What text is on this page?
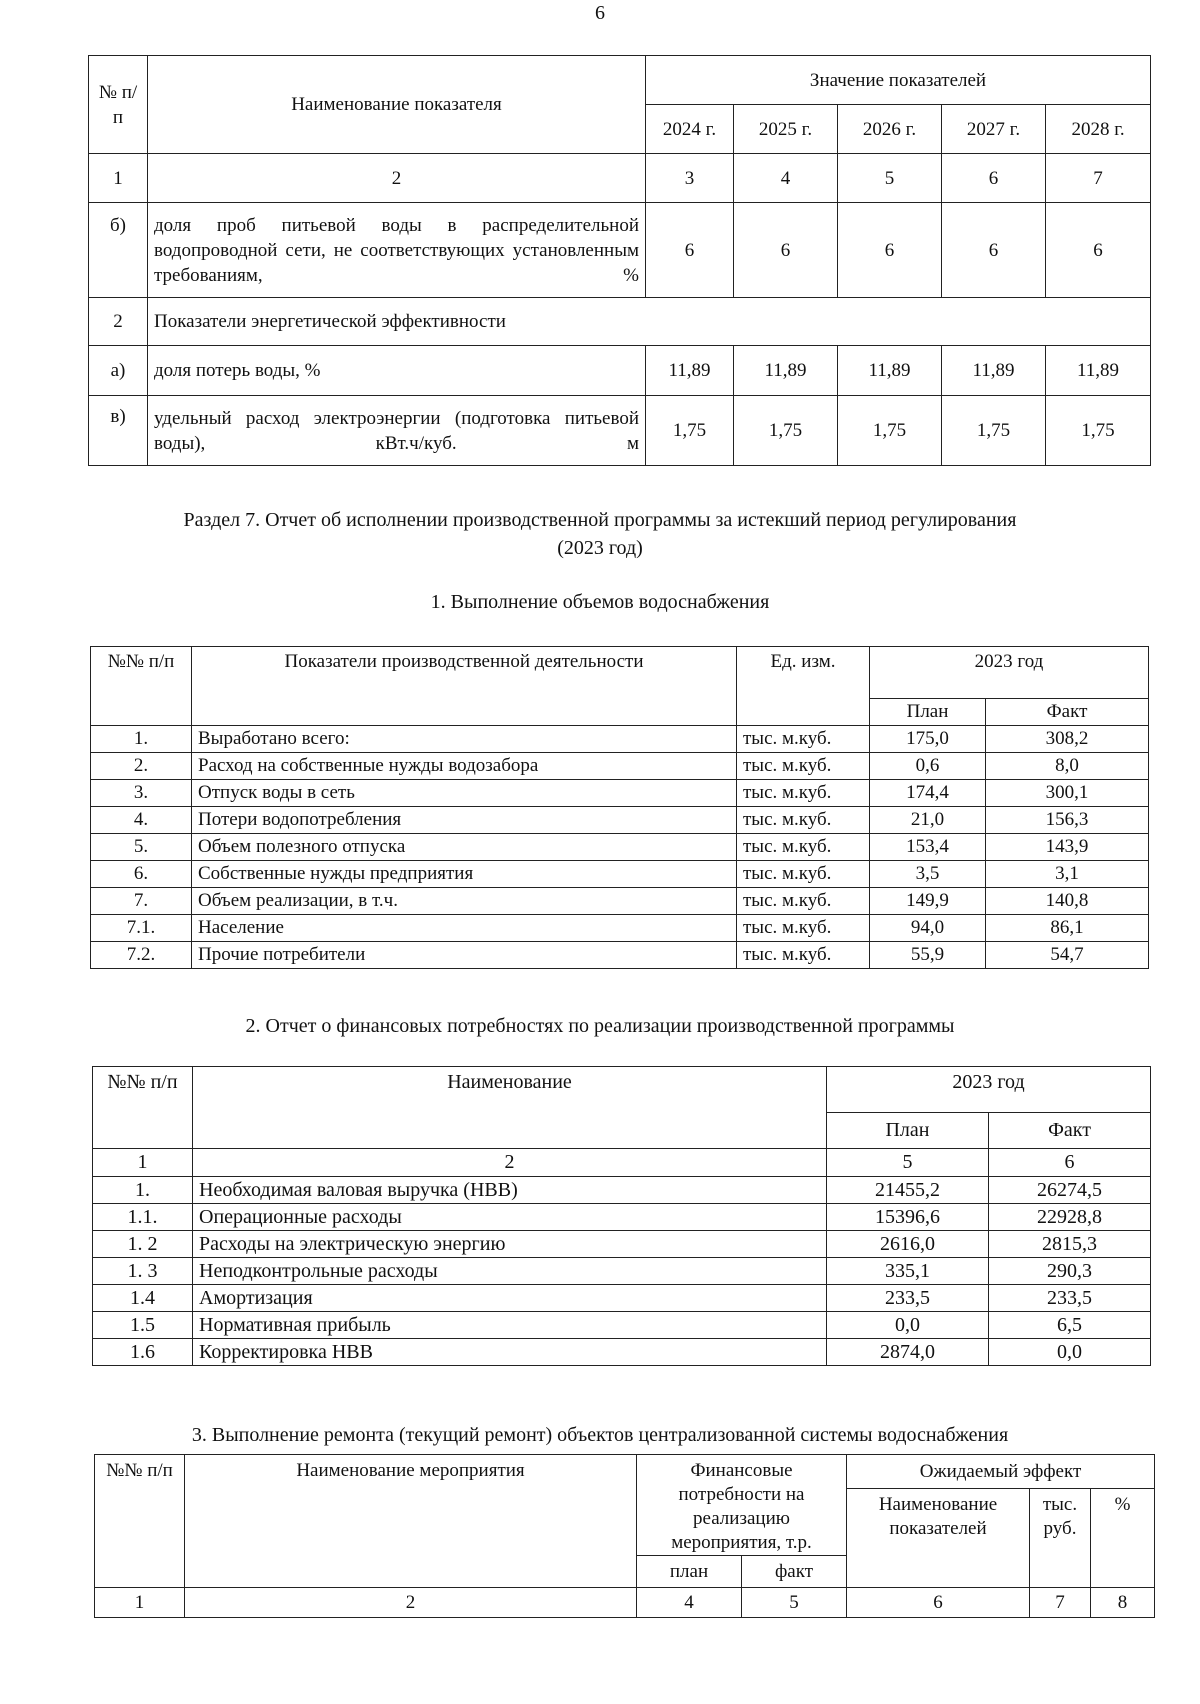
6
№ п/п	Наименование показателя	Значение показателей				
		2024 г.	2025 г.	2026 г.	2027 г.	2028 г.
1	2	3	4	5	6	7
б)	доля проб питьевой воды в распределительной водопроводной сети, не соответствующих установленным требованиям, %	6	6	6	6	6
2	Показатели энергетической эффективности					
а)	доля потерь воды, %	11,89	11,89	11,89	11,89	11,89
в)	удельный расход электроэнергии (подготовка питьевой воды), кВт.ч/куб. м	1,75	1,75	1,75	1,75	1,75
Раздел 7. Отчет об исполнении производственной программы за истекший период регулирования
(2023 год)
1. Выполнение объемов водоснабжения
№№ п/п	Показатели производственной деятельности	Ед. изм.	2023 год	
			План	Факт
1.	Выработано всего:	тыс. м.куб.	175,0	308,2
2.	Расход на собственные нужды водозабора	тыс. м.куб.	0,6	8,0
3.	Отпуск воды в сеть	тыс. м.куб.	174,4	300,1
4.	Потери водопотребления	тыс. м.куб.	21,0	156,3
5.	Объем полезного отпуска	тыс. м.куб.	153,4	143,9
6.	Собственные нужды предприятия	тыс. м.куб.	3,5	3,1
7.	Объем реализации, в т.ч.	тыс. м.куб.	149,9	140,8
7.1.	Население	тыс. м.куб.	94,0	86,1
7.2.	Прочие потребители	тыс. м.куб.	55,9	54,7
2. Отчет о финансовых потребностях по реализации производственной программы
№№ п/п	Наименование	2023 год	
		План	Факт
1	2	5	6
1.	Необходимая валовая выручка (НВВ)	21455,2	26274,5
1.1.	Операционные расходы	15396,6	22928,8
1. 2	Расходы на электрическую энергию	2616,0	2815,3
1. 3	Неподконтрольные расходы	335,1	290,3
1.4	Амортизация	233,5	233,5
1.5	Нормативная прибыль	0,0	6,5
1.6	Корректировка НВВ	2874,0	0,0
3. Выполнение ремонта (текущий ремонт) объектов централизованной системы водоснабжения
№№ п/п	Наименование мероприятия	Финансовые потребности на реализацию мероприятия, т.р.		Ожидаемый эффект		
				Наименование показателей	тыс. руб.	%
		план	факт			
1	2	4	5	6	7	8
